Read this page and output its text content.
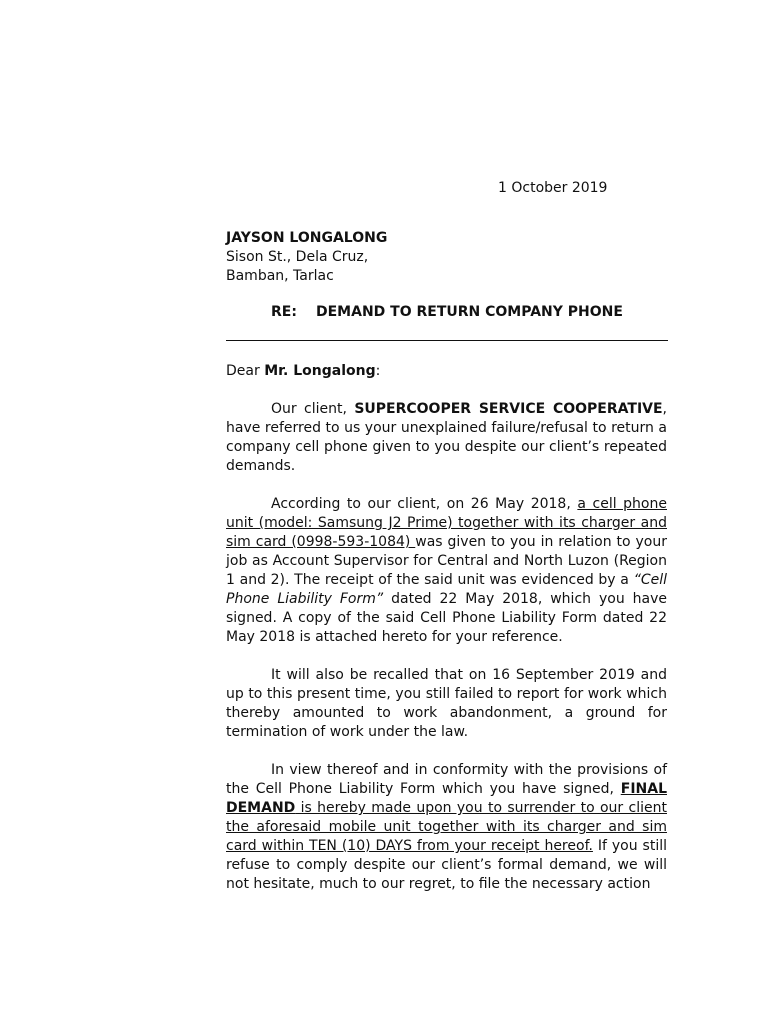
1 October 2019
JAYSON LONGALONG
Sison St., Dela Cruz,
Bamban, Tarlac
RE: DEMAND TO RETURN COMPANY PHONE

Dear Mr. Longalong:

Our client, SUPERCOOPER SERVICE COOPERATIVE, have referred to us your unexplained failure/refusal to return a company cell phone given to you despite our client’s repeated demands.

According to our client, on 26 May 2018, a cell phone unit (model: Samsung J2 Prime) together with its charger and sim card (0998-593-1084) was given to you in relation to your job as Account Supervisor for Central and North Luzon (Region 1 and 2). The receipt of the said unit was evidenced by a “Cell Phone Liability Form” dated 22 May 2018, which you have signed. A copy of the said Cell Phone Liability Form dated 22 May 2018 is attached hereto for your reference.

It will also be recalled that on 16 September 2019 and up to this present time, you still failed to report for work which thereby amounted to work abandonment, a ground for termination of work under the law.

In view thereof and in conformity with the provisions of the Cell Phone Liability Form which you have signed, FINAL DEMAND is hereby made upon you to surrender to our client the aforesaid mobile unit together with its charger and sim card within TEN (10) DAYS from your receipt hereof. If you still refuse to comply despite our client’s formal demand, we will not hesitate, much to our regret, to file the necessary action
